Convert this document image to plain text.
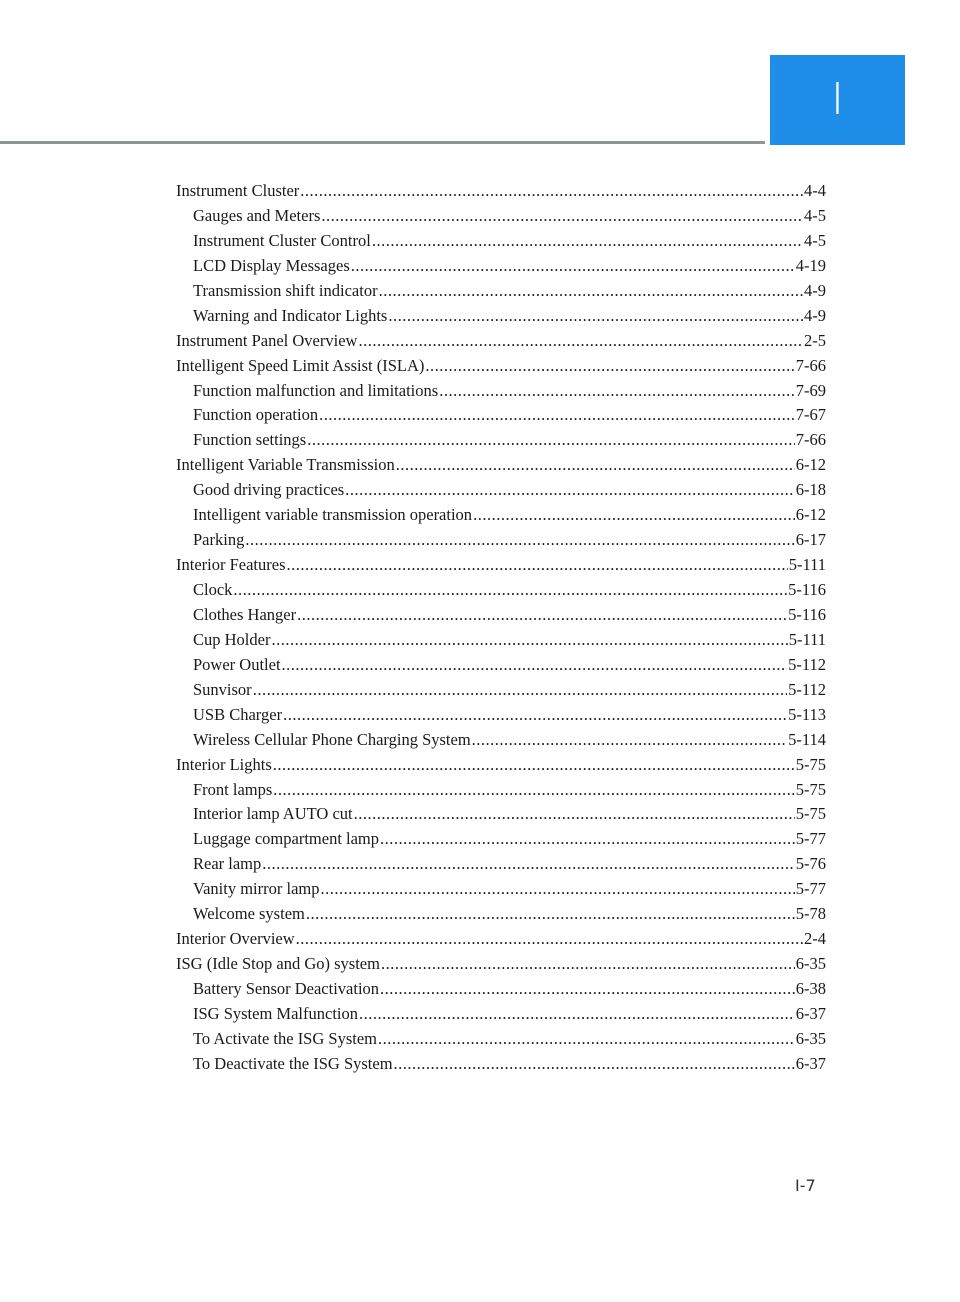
I
Instrument Cluster .....	4-4
Gauges and Meters .....	4-5
Instrument Cluster Control .....	4-5
LCD Display Messages .....	4-19
Transmission shift indicator .....	4-9
Warning and Indicator Lights .....	4-9
Instrument Panel Overview .....	2-5
Intelligent Speed Limit Assist (ISLA) .....	7-66
Function malfunction and limitations .....	7-69
Function operation .....	7-67
Function settings .....	7-66
Intelligent Variable Transmission .....	6-12
Good driving practices .....	6-18
Intelligent variable transmission operation .....	6-12
Parking .....	6-17
Interior Features .....	5-111
Clock .....	5-116
Clothes Hanger .....	5-116
Cup Holder .....	5-111
Power Outlet .....	5-112
Sunvisor .....	5-112
USB Charger .....	5-113
Wireless Cellular Phone Charging System .....	5-114
Interior Lights .....	5-75
Front lamps .....	5-75
Interior lamp AUTO cut .....	5-75
Luggage compartment lamp .....	5-77
Rear lamp .....	5-76
Vanity mirror lamp .....	5-77
Welcome system .....	5-78
Interior Overview .....	2-4
ISG (Idle Stop and Go) system .....	6-35
Battery Sensor Deactivation .....	6-38
ISG System Malfunction .....	6-37
To Activate the ISG System .....	6-35
To Deactivate the ISG System .....	6-37
I-7
